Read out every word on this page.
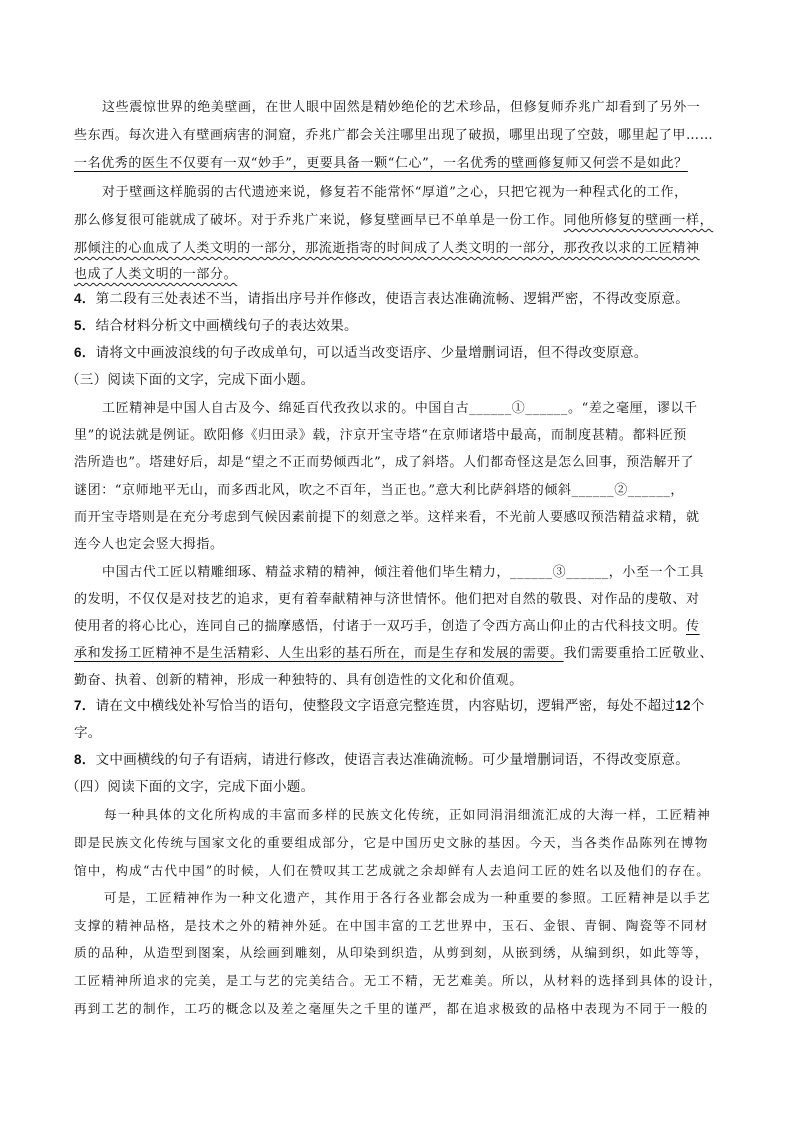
这些震惊世界的绝美壁画，在世人眼中固然是精妙绝伦的艺术珍品，但修复师乔兆广却看到了另外一
些东西。每次进入有壁画病害的洞窟，乔兆广都会关注哪里出现了破损，哪里出现了空鼓，哪里起了甲……
一名优秀的医生不仅要有一双“妙手”，更要具备一颗“仁心”，一名优秀的壁画修复师又何尝不是如此？
对于壁画这样脆弱的古代遗迹来说，修复若不能常怀“厚道”之心，只把它视为一种程式化的工作，
那么修复很可能就成了破坏。对于乔兆广来说，修复壁画早已不单单是一份工作。同他所修复的壁画一样，
那倾注的心血成了人类文明的一部分，那流逝指寄的时间成了人类文明的一部分，那孜孜以求的工匠精神
也成了人类文明的一部分。
4．第二段有三处表述不当，请指出序号并作修改，使语言表达准确流畅、逻辑严密，不得改变原意。
5．结合材料分析文中画横线句子的表达效果。
6．请将文中画波浪线的句子改成单句，可以适当改变语序、少量增删词语，但不得改变原意。
（三）阅读下面的文字，完成下面小题。
工匠精神是中国人自古及今、绵延百代孜孜以求的。中国自古______①______。“差之毫厘，谬以千
里”的说法就是例证。欧阳修《归田录》载，汴京开宝寺塔“在京师诸塔中最高，而制度甚精。都料匠预
浩所造也”。塔建好后，却是“望之不正而势倾西北”，成了斜塔。人们都奇怪这是怎么回事，预浩解开了
谜团：“京师地平无山，而多西北风，吹之不百年，当正也。”意大利比萨斜塔的倾斜______②______，
而开宝寺塔则是在充分考虑到气候因素前提下的刻意之举。这样来看，不光前人要感叹预浩精益求精，就
连今人也定会竖大拇指。
中国古代工匠以精雕细琢、精益求精的精神，倾注着他们毕生精力，______③______，小至一个工具
的发明，不仅仅是对技艺的追求，更有着奉献精神与济世情怀。他们把对自然的敬畏、对作品的虔敬、对
使用者的将心比心，连同自己的揣摩感悟，付诸于一双巧手，创造了令西方高山仰止的古代科技文明。传
承和发扬工匠精神不是生活精彩、人生出彩的基石所在，而是生存和发展的需要。我们需要重拾工匠敬业、
勤奋、执着、创新的精神，形成一种独特的、具有创造性的文化和价值观。
7．请在文中横线处补写恰当的语句，使整段文字语意完整连贯，内容贴切，逻辑严密，每处不超过12个
字。
8．文中画横线的句子有语病，请进行修改，使语言表达准确流畅。可少量增删词语，不得改变原意。
（四）阅读下面的文字，完成下面小题。
每一种具体的文化所构成的丰富而多样的民族文化传统，正如同涓涓细流汇成的大海一样，工匠精神
即是民族文化传统与国家文化的重要组成部分，它是中国历史文脉的基因。今天，当各类作品陈列在博物
馆中，构成“古代中国”的时候，人们在赞叹其工艺成就之余却鲜有人去追问工匠的姓名以及他们的存在。
可是，工匠精神作为一种文化遗产，其作用于各行各业都会成为一种重要的参照。工匠精神是以手艺
支撑的精神品格，是技术之外的精神外延。在中国丰富的工艺世界中，玉石、金银、青铜、陶瓷等不同材
质的品种，从造型到图案，从绘画到雕刻，从印染到织造，从剪到刻，从嵌到绣，从编到织，如此等等，
工匠精神所追求的完美，是工与艺的完美结合。无工不精，无艺难美。所以，从材料的选择到具体的设计，
再到工艺的制作，工巧的概念以及差之毫厘失之千里的谨严，都在追求极致的品格中表现为不同于一般的
